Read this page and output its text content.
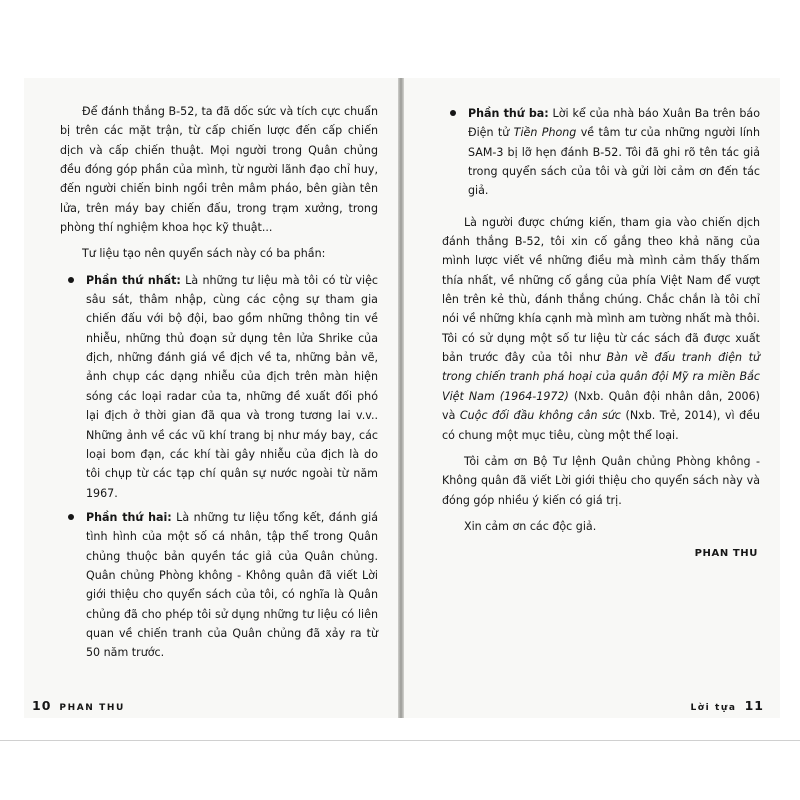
Để đánh thắng B-52, ta đã dốc sức và tích cực chuẩn bị trên các mặt trận, từ cấp chiến lược đến cấp chiến dịch và cấp chiến thuật. Mọi người trong Quân chủng đều đóng góp phần của mình, từ người lãnh đạo chỉ huy, đến người chiến binh ngồi trên mâm pháo, bên giàn tên lửa, trên máy bay chiến đấu, trong trạm xưởng, trong phòng thí nghiệm khoa học kỹ thuật...

Tư liệu tạo nên quyển sách này có ba phần:

Phần thứ nhất: Là những tư liệu mà tôi có từ việc sâu sát, thâm nhập, cùng các cộng sự tham gia chiến đấu với bộ đội, bao gồm những thông tin về nhiễu, những thủ đoạn sử dụng tên lửa Shrike của địch, những đánh giá về địch về ta, những bản vẽ, ảnh chụp các dạng nhiễu của địch trên màn hiện sóng các loại radar của ta, những đề xuất đối phó lại địch ở thời gian đã qua và trong tương lai v.v.. Những ảnh về các vũ khí trang bị như máy bay, các loại bom đạn, các khí tài gây nhiễu của địch là do tôi chụp từ các tạp chí quân sự nước ngoài từ năm 1967.
Phần thứ hai: Là những tư liệu tổng kết, đánh giá tình hình của một số cá nhân, tập thể trong Quân chủng thuộc bản quyền tác giả của Quân chủng. Quân chủng Phòng không - Không quân đã viết Lời giới thiệu cho quyển sách của tôi, có nghĩa là Quân chủng đã cho phép tôi sử dụng những tư liệu có liên quan về chiến tranh của Quân chủng đã xảy ra từ 50 năm trước.
10 PHAN THU
Phần thứ ba: Lời kể của nhà báo Xuân Ba trên báo Điện tử Tiền Phong về tâm tư của những người lính SAM-3 bị lỡ hẹn đánh B-52. Tôi đã ghi rõ tên tác giả trong quyển sách của tôi và gửi lời cảm ơn đến tác giả.

Là người được chứng kiến, tham gia vào chiến dịch đánh thắng B-52, tôi xin cố gắng theo khả năng của mình lược viết về những điều mà mình cảm thấy thấm thía nhất, về những cố gắng của phía Việt Nam để vượt lên trên kẻ thù, đánh thắng chúng. Chắc chắn là tôi chỉ nói về những khía cạnh mà mình am tường nhất mà thôi. Tôi có sử dụng một số tư liệu từ các sách đã được xuất bản trước đây của tôi như Bàn về đấu tranh điện tử trong chiến tranh phá hoại của quân đội Mỹ ra miền Bắc Việt Nam (1964-1972) (Nxb. Quân đội nhân dân, 2006) và Cuộc đối đầu không cân sức (Nxb. Trẻ, 2014), vì đều có chung một mục tiêu, cùng một thể loại.

Tôi cảm ơn Bộ Tư lệnh Quân chủng Phòng không - Không quân đã viết Lời giới thiệu cho quyển sách này và đóng góp nhiều ý kiến có giá trị.

Xin cảm ơn các độc giả.

PHAN THU
Lời tựa 11
